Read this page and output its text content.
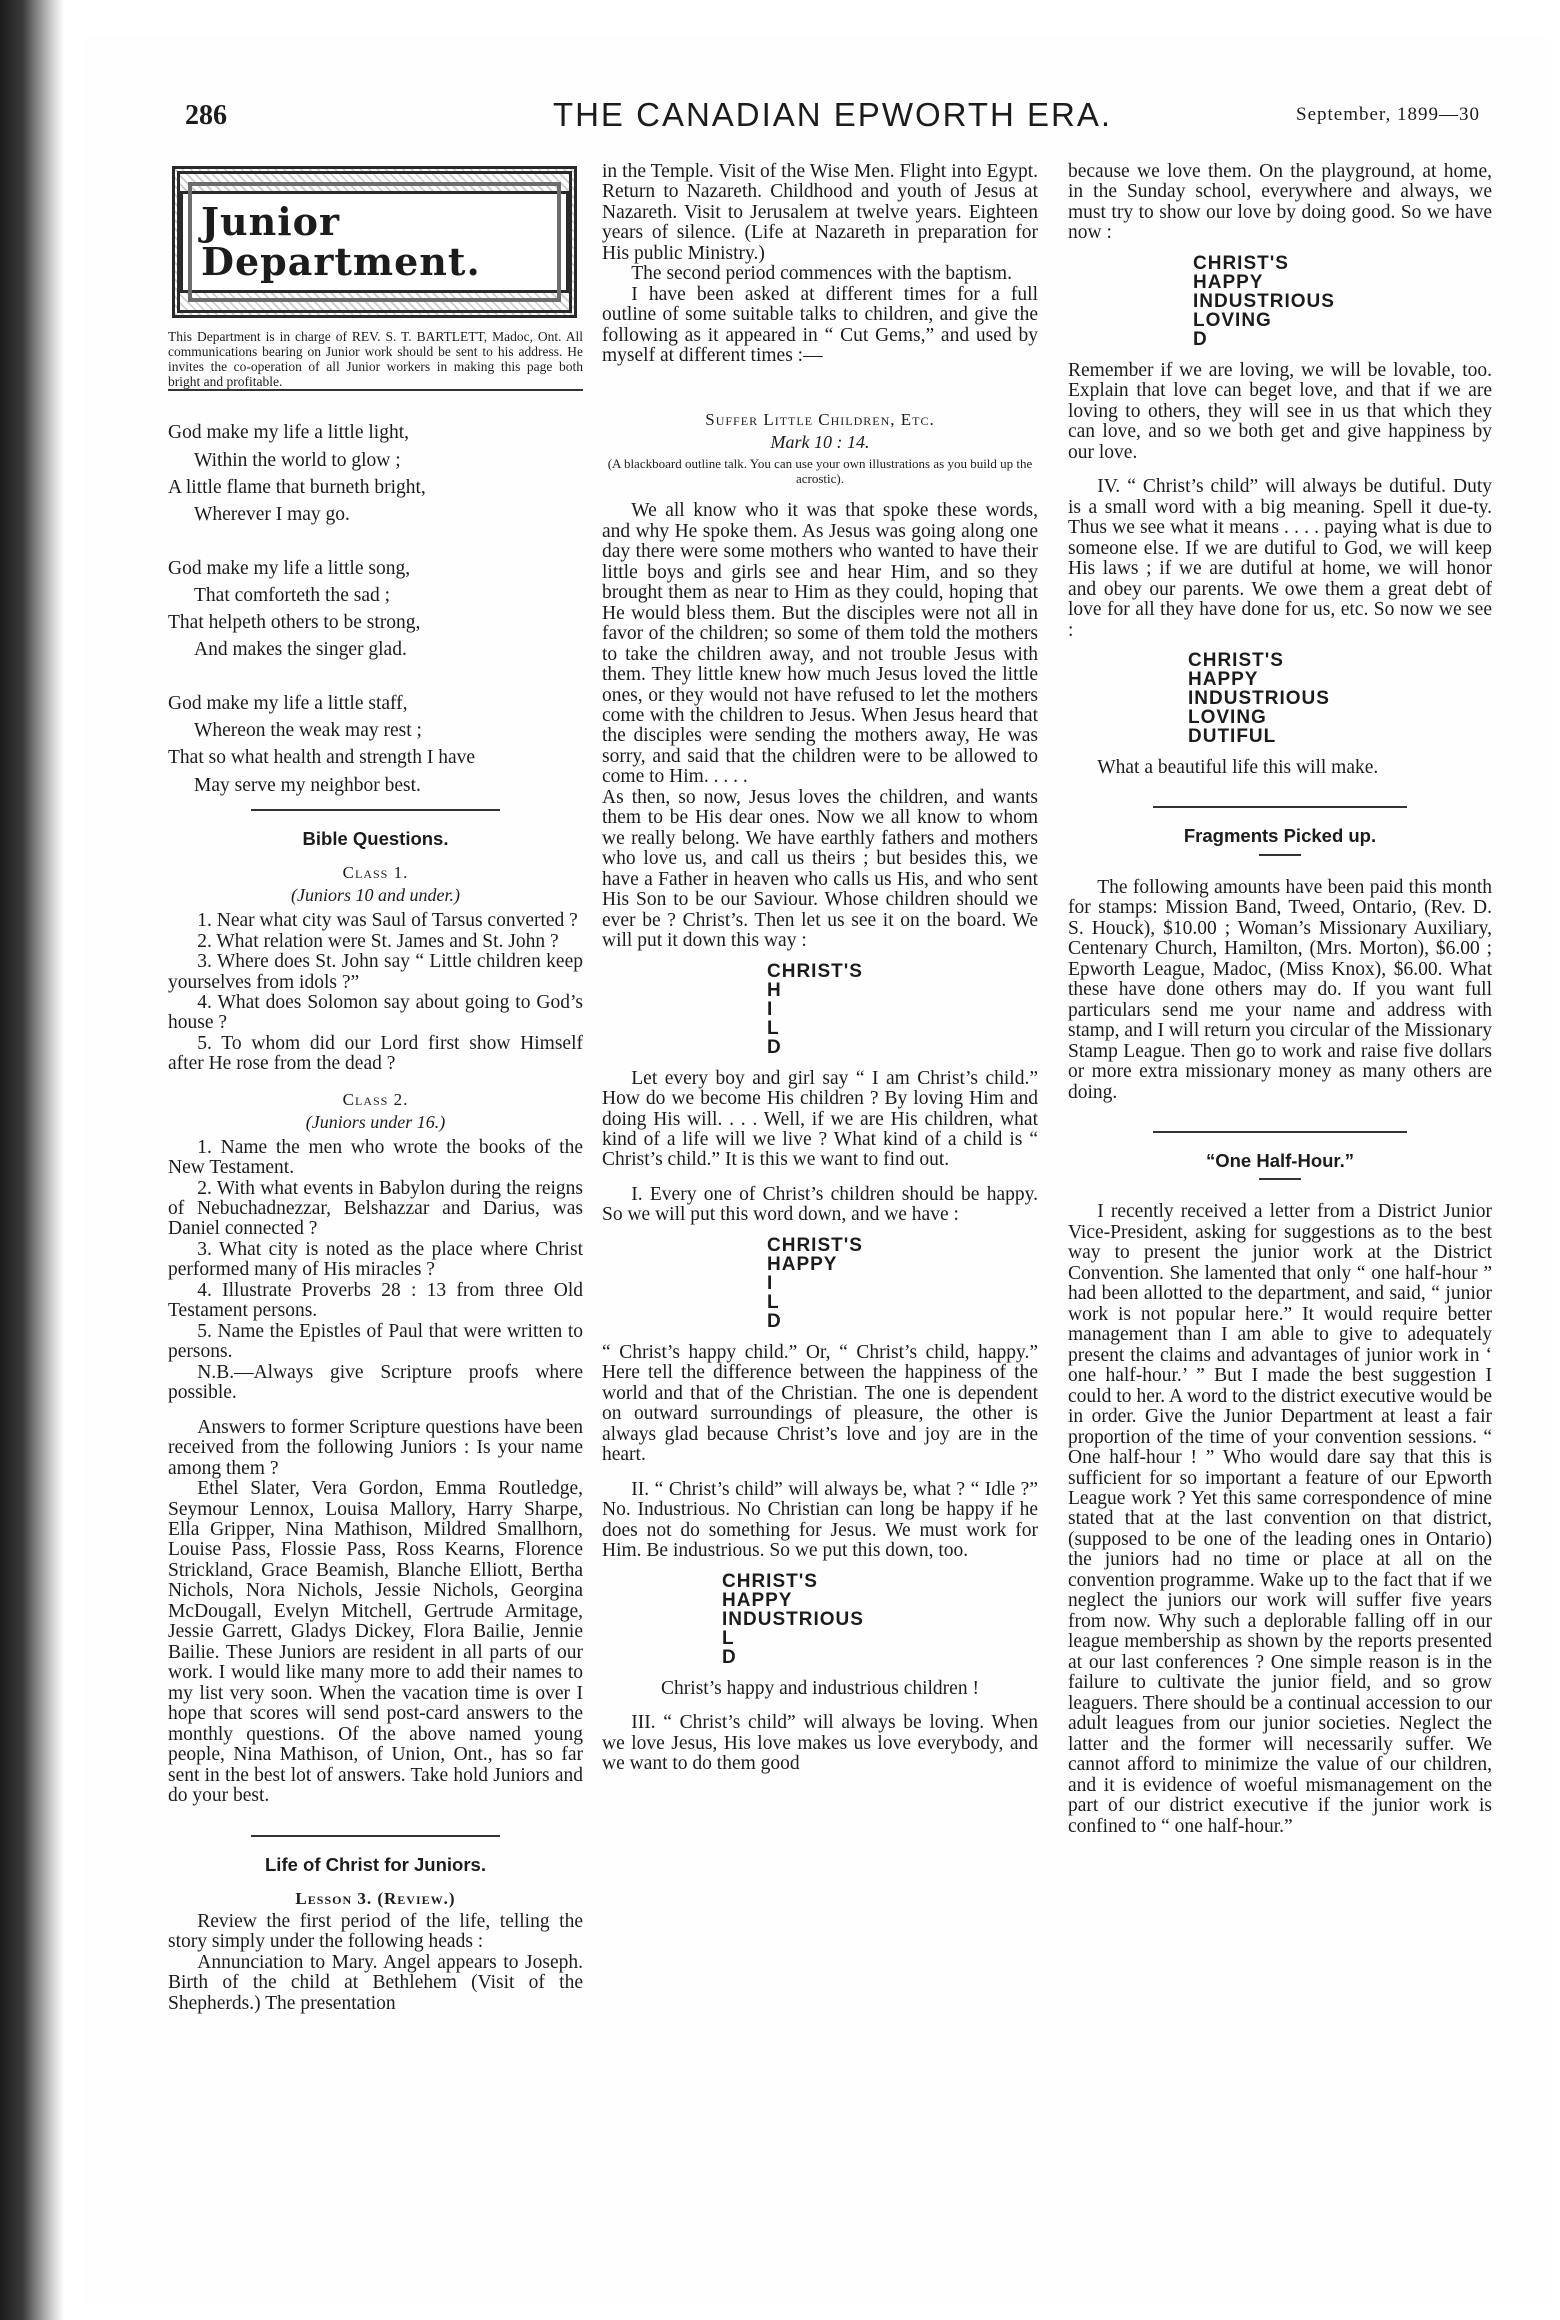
286	THE CANADIAN EPWORTH ERA.	September, 1899—30
Junior Department.

This Department is in charge of REV. S. T. BARTLETT, Madoc, Ont. All communications bearing on Junior work should be sent to his address. He invites the co-operation of all Junior workers in making this page both bright and profitable.

God make my life a little light,
Within the world to glow ;
A little flame that burneth bright,
Wherever I may go.
God make my life a little song,
That comforteth the sad ;
That helpeth others to be strong,
And makes the singer glad.
God make my life a little staff,
Whereon the weak may rest ;
That so what health and strength I have
May serve my neighbor best.
Bible Questions.
Class 1.
(Juniors 10 and under.)

1. Near what city was Saul of Tarsus converted ?

2. What relation were St. James and St. John ?

3. Where does St. John say “ Little children keep yourselves from idols ?”

4. What does Solomon say about going to God’s house ?

5. To whom did our Lord first show Himself after He rose from the dead ?

Class 2.
(Juniors under 16.)

1. Name the men who wrote the books of the New Testament.

2. With what events in Babylon during the reigns of Nebuchadnezzar, Belshazzar and Darius, was Daniel connected ?

3. What city is noted as the place where Christ performed many of His miracles ?

4. Illustrate Proverbs 28 : 13 from three Old Testament persons.

5. Name the Epistles of Paul that were written to persons.

N.B.—Always give Scripture proofs where possible.

Answers to former Scripture questions have been received from the following Juniors : Is your name among them ?

Ethel Slater, Vera Gordon, Emma Routledge, Seymour Lennox, Louisa Mallory, Harry Sharpe, Ella Gripper, Nina Mathison, Mildred Smallhorn, Louise Pass, Flossie Pass, Ross Kearns, Florence Strickland, Grace Beamish, Blanche Elliott, Bertha Nichols, Nora Nichols, Jessie Nichols, Georgina McDougall, Evelyn Mitchell, Gertrude Armitage, Jessie Garrett, Gladys Dickey, Flora Bailie, Jennie Bailie. These Juniors are resident in all parts of our work. I would like many more to add their names to my list very soon. When the vacation time is over I hope that scores will send post-card answers to the monthly questions. Of the above named young people, Nina Mathison, of Union, Ont., has so far sent in the best lot of answers. Take hold Juniors and do your best.

Life of Christ for Juniors.
Lesson 3. (Review.)

Review the first period of the life, telling the story simply under the following heads :

Annunciation to Mary. Angel appears to Joseph. Birth of the child at Bethlehem (Visit of the Shepherds.) The presentation

in the Temple. Visit of the Wise Men. Flight into Egypt. Return to Nazareth. Childhood and youth of Jesus at Nazareth. Visit to Jerusalem at twelve years. Eighteen years of silence. (Life at Nazareth in preparation for His public Ministry.)

The second period commences with the baptism.

I have been asked at different times for a full outline of some suitable talks to children, and give the following as it appeared in “ Cut Gems,” and used by myself at different times :—

Suffer Little Children, Etc.
Mark 10 : 14.
(A blackboard outline talk. You can use your own illustrations as you build up the acrostic).

We all know who it was that spoke these words, and why He spoke them. As Jesus was going along one day there were some mothers who wanted to have their little boys and girls see and hear Him, and so they brought them as near to Him as they could, hoping that He would bless them. But the disciples were not all in favor of the children; so some of them told the mothers to take the children away, and not trouble Jesus with them. They little knew how much Jesus loved the little ones, or they would not have refused to let the mothers come with the children to Jesus. When Jesus heard that the disciples were sending the mothers away, He was sorry, and said that the children were to be allowed to come to Him. . . . .

As then, so now, Jesus loves the children, and wants them to be His dear ones. Now we all know to whom we really belong. We have earthly fathers and mothers who love us, and call us theirs ; but besides this, we have a Father in heaven who calls us His, and who sent His Son to be our Saviour. Whose children should we ever be ? Christ’s. Then let us see it on the board. We will put it down this way :

CHRIST'S
H
I
L
D

Let every boy and girl say “ I am Christ’s child.” How do we become His children ? By loving Him and doing His will. . . . Well, if we are His children, what kind of a life will we live ? What kind of a child is “ Christ’s child.” It is this we want to find out.

I. Every one of Christ’s children should be happy. So we will put this word down, and we have :

CHRIST'S
HAPPY
I
L
D

“ Christ’s happy child.” Or, “ Christ’s child, happy.” Here tell the difference between the happiness of the world and that of the Christian. The one is dependent on outward surroundings of pleasure, the other is always glad because Christ’s love and joy are in the heart.

II. “ Christ’s child” will always be, what ? “ Idle ?” No. Industrious. No Christian can long be happy if he does not do something for Jesus. We must work for Him. Be industrious. So we put this down, too.

CHRIST'S
HAPPY
INDUSTRIOUS
L
D
Christ’s happy and industrious children !

III. “ Christ’s child” will always be loving. When we love Jesus, His love makes us love everybody, and we want to do them good

because we love them. On the playground, at home, in the Sunday school, everywhere and always, we must try to show our love by doing good. So we have now :

CHRIST'S
HAPPY
INDUSTRIOUS
LOVING
D

Remember if we are loving, we will be lovable, too. Explain that love can beget love, and that if we are loving to others, they will see in us that which they can love, and so we both get and give happiness by our love.

IV. “ Christ’s child” will always be dutiful. Duty is a small word with a big meaning. Spell it due-ty. Thus we see what it means . . . . paying what is due to someone else. If we are dutiful to God, we will keep His laws ; if we are dutiful at home, we will honor and obey our parents. We owe them a great debt of love for all they have done for us, etc. So now we see :

CHRIST'S
HAPPY
INDUSTRIOUS
LOVING
DUTIFUL

What a beautiful life this will make.

Fragments Picked up.

The following amounts have been paid this month for stamps: Mission Band, Tweed, Ontario, (Rev. D. S. Houck), $10.00 ; Woman’s Missionary Auxiliary, Centenary Church, Hamilton, (Mrs. Morton), $6.00 ; Epworth League, Madoc, (Miss Knox), $6.00. What these have done others may do. If you want full particulars send me your name and address with stamp, and I will return you circular of the Missionary Stamp League. Then go to work and raise five dollars or more extra missionary money as many others are doing.

“One Half-Hour.”

I recently received a letter from a District Junior Vice-President, asking for suggestions as to the best way to present the junior work at the District Convention. She lamented that only “ one half-hour ” had been allotted to the department, and said, “ junior work is not popular here.” It would require better management than I am able to give to adequately present the claims and advantages of junior work in ‘ one half-hour.’ ” But I made the best suggestion I could to her. A word to the district executive would be in order. Give the Junior Department at least a fair proportion of the time of your convention sessions. “ One half-hour ! ” Who would dare say that this is sufficient for so important a feature of our Epworth League work ? Yet this same correspondence of mine stated that at the last convention on that district, (supposed to be one of the leading ones in Ontario) the juniors had no time or place at all on the convention programme. Wake up to the fact that if we neglect the juniors our work will suffer five years from now. Why such a deplorable falling off in our league membership as shown by the reports presented at our last conferences ? One simple reason is in the failure to cultivate the junior field, and so grow leaguers. There should be a continual accession to our adult leagues from our junior societies. Neglect the latter and the former will necessarily suffer. We cannot afford to minimize the value of our children, and it is evidence of woeful mismanagement on the part of our district executive if the junior work is confined to “ one half-hour.”
